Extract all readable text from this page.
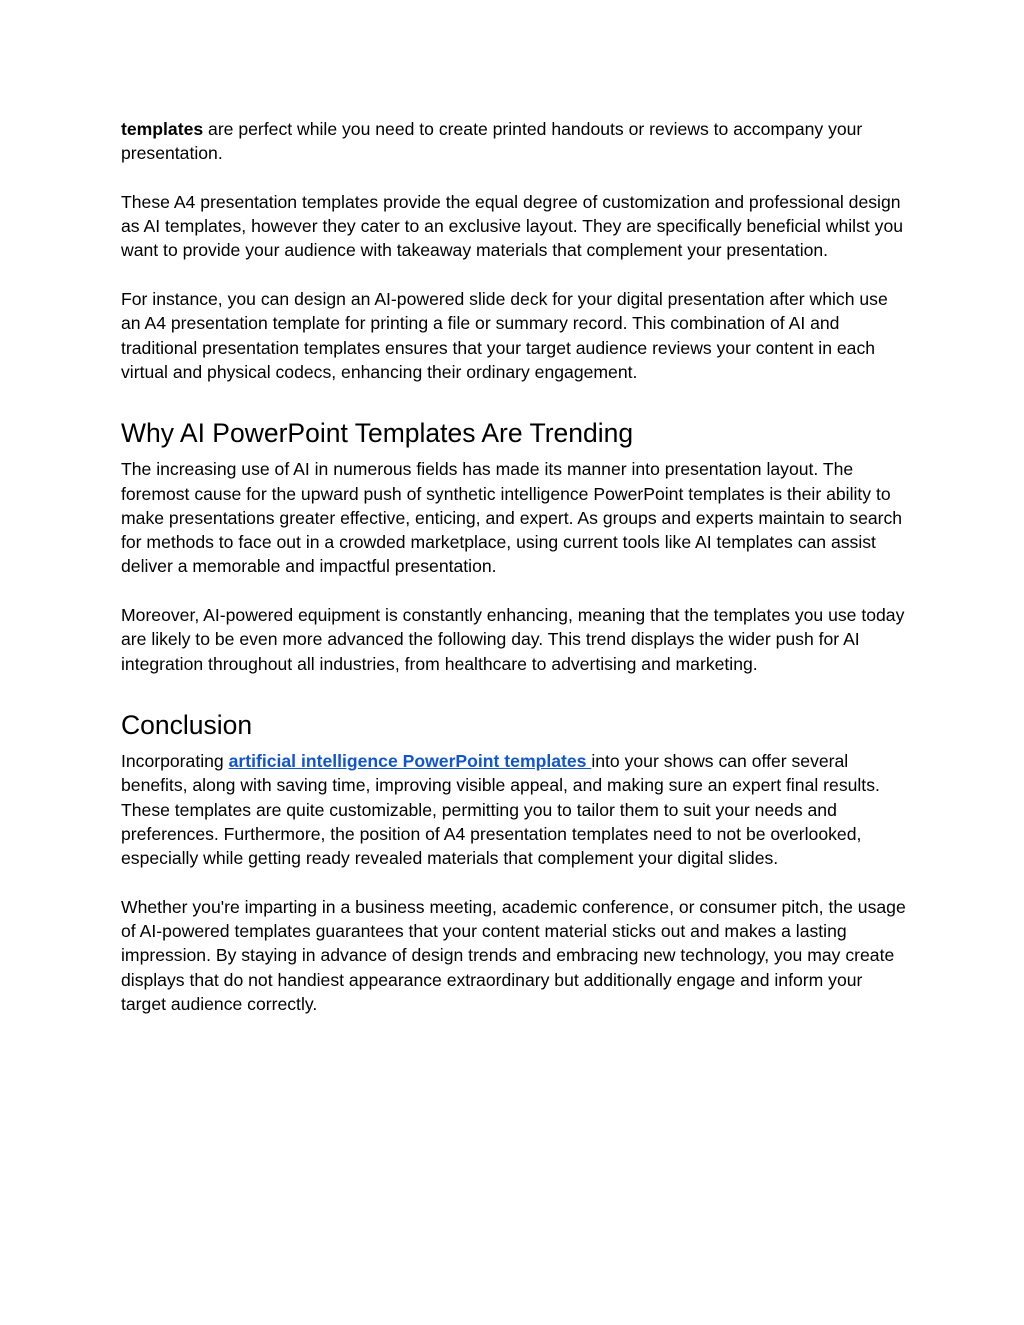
templates are perfect while you need to create printed handouts or reviews to accompany your presentation.

These A4 presentation templates provide the equal degree of customization and professional design as AI templates, however they cater to an exclusive layout. They are specifically beneficial whilst you want to provide your audience with takeaway materials that complement your presentation.

For instance, you can design an AI-powered slide deck for your digital presentation after which use an A4 presentation template for printing a file or summary record. This combination of AI and traditional presentation templates ensures that your target audience reviews your content in each virtual and physical codecs, enhancing their ordinary engagement.

Why AI PowerPoint Templates Are Trending

The increasing use of AI in numerous fields has made its manner into presentation layout. The foremost cause for the upward push of synthetic intelligence PowerPoint templates is their ability to make presentations greater effective, enticing, and expert. As groups and experts maintain to search for methods to face out in a crowded marketplace, using current tools like AI templates can assist deliver a memorable and impactful presentation.

Moreover, AI-powered equipment is constantly enhancing, meaning that the templates you use today are likely to be even more advanced the following day. This trend displays the wider push for AI integration throughout all industries, from healthcare to advertising and marketing.

Conclusion

Incorporating artificial intelligence PowerPoint templates into your shows can offer several benefits, along with saving time, improving visible appeal, and making sure an expert final results. These templates are quite customizable, permitting you to tailor them to suit your needs and preferences. Furthermore, the position of A4 presentation templates need to not be overlooked, especially while getting ready revealed materials that complement your digital slides.

Whether you're imparting in a business meeting, academic conference, or consumer pitch, the usage of AI-powered templates guarantees that your content material sticks out and makes a lasting impression. By staying in advance of design trends and embracing new technology, you may create displays that do not handiest appearance extraordinary but additionally engage and inform your target audience correctly.
